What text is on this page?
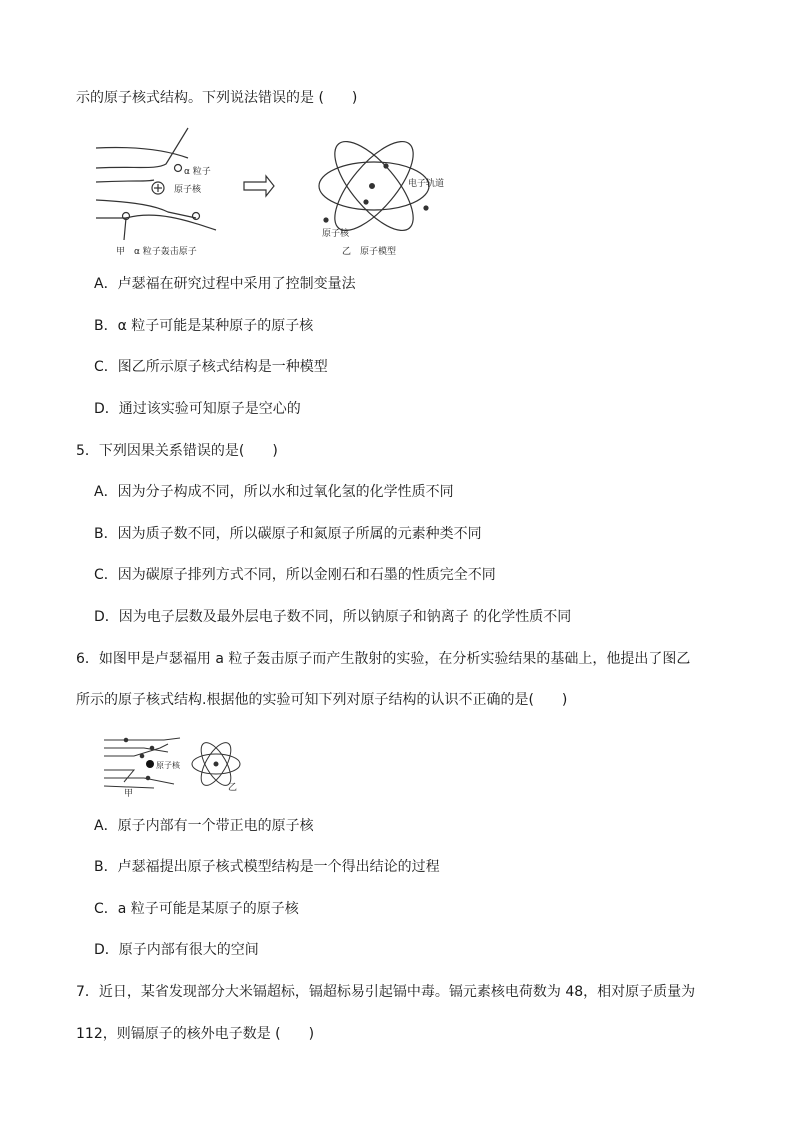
示的原子核式结构。下列说法错误的是 (　　)
α 粒子
原子核
甲　α 粒子轰击原子
电子轨道
原子核
乙　原子模型
A．卢瑟福在研究过程中采用了控制变量法
B．α 粒子可能是某种原子的原子核
C．图乙所示原子核式结构是一种模型
D．通过该实验可知原子是空心的
5．下列因果关系错误的是(　　)
A．因为分子构成不同，所以水和过氧化氢的化学性质不同
B．因为质子数不同，所以碳原子和氮原子所属的元素种类不同
C．因为碳原子排列方式不同，所以金刚石和石墨的性质完全不同
D．因为电子层数及最外层电子数不同，所以钠原子和钠离子 的化学性质不同
6．如图甲是卢瑟福用 a 粒子轰击原子而产生散射的实验，在分析实验结果的基础上，他提出了图乙
所示的原子核式结构.根据他的实验可知下列对原子结构的认识不正确的是(　　)
原子核
甲
乙
A．原子内部有一个带正电的原子核
B．卢瑟福提出原子核式模型结构是一个得出结论的过程
C．a 粒子可能是某原子的原子核
D．原子内部有很大的空间
7．近日，某省发现部分大米镉超标，镉超标易引起镉中毒。镉元素核电荷数为 48，相对原子质量为
112，则镉原子的核外电子数是 (　　)
